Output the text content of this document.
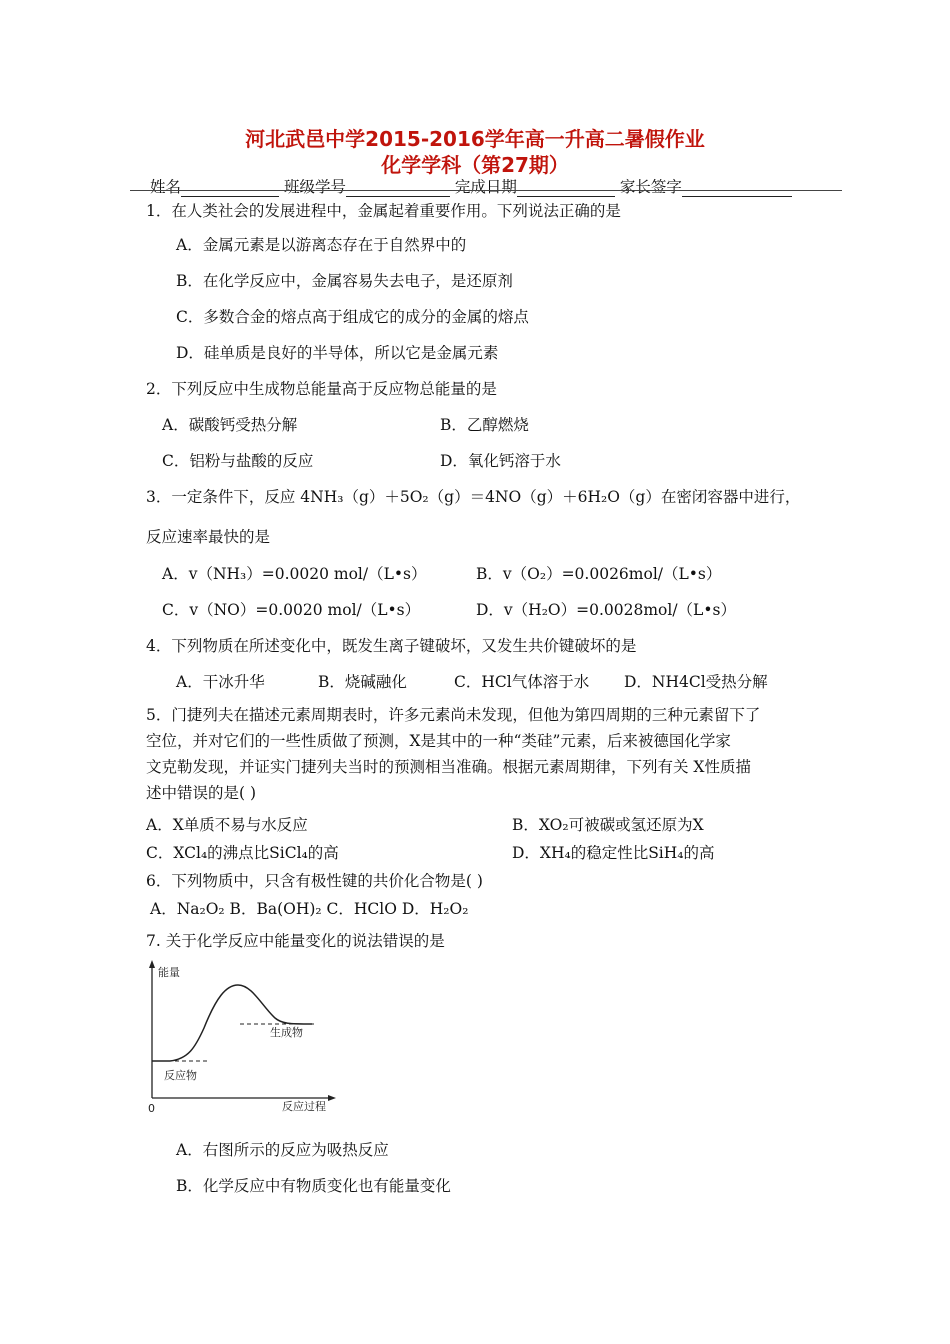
河北武邑中学2015-2016学年高一升高二暑假作业
化学学科（第27期）
姓名	班级学号	完成日期	家长签字
1．在人类社会的发展进程中，金属起着重要作用。下列说法正确的是
A．金属元素是以游离态存在于自然界中的
B．在化学反应中，金属容易失去电子，是还原剂
C．多数合金的熔点高于组成它的成分的金属的熔点
D．硅单质是良好的半导体，所以它是金属元素
2．下列反应中生成物总能量高于反应物总能量的是
A．碳酸钙受热分解	B．乙醇燃烧
C．铝粉与盐酸的反应	D．氧化钙溶于水
3．一定条件下，反应 4NH₃（g）＋5O₂（g）＝4NO（g）＋6H₂O（g）在密闭容器中进行，
反应速率最快的是
A．v（NH₃）=0.0020 mol/（L•s）	B．v（O₂）=0.0026mol/（L•s）
C．v（NO）=0.0020 mol/（L•s）	D．v（H₂O）=0.0028mol/（L•s）
4．下列物质在所述变化中，既发生离子键破坏，又发生共价键破坏的是
A．干冰升华	B．烧碱融化	C．HCl气体溶于水 D．NH4Cl受热分解
5．门捷列夫在描述元素周期表时，许多元素尚未发现，但他为第四周期的三种元素留下了
空位，并对它们的一些性质做了预测，X是其中的一种“类硅”元素，后来被德国化学家
文克勒发现，并证实门捷列夫当时的预测相当准确。根据元素周期律，下列有关 X性质描
述中错误的是( )
A．X单质不易与水反应	B．XO₂可被碳或氢还原为X
C．XCl₄的沸点比SiCl₄的高	D．XH₄的稳定性比SiH₄的高
6．下列物质中，只含有极性键的共价化合物是( )
A．Na₂O₂ B．Ba(OH)₂ C．HClO D．H₂O₂
7. 关于化学反应中能量变化的说法错误的是
能量
0	反应过程
反应物
生成物
A．右图所示的反应为吸热反应
B．化学反应中有物质变化也有能量变化
